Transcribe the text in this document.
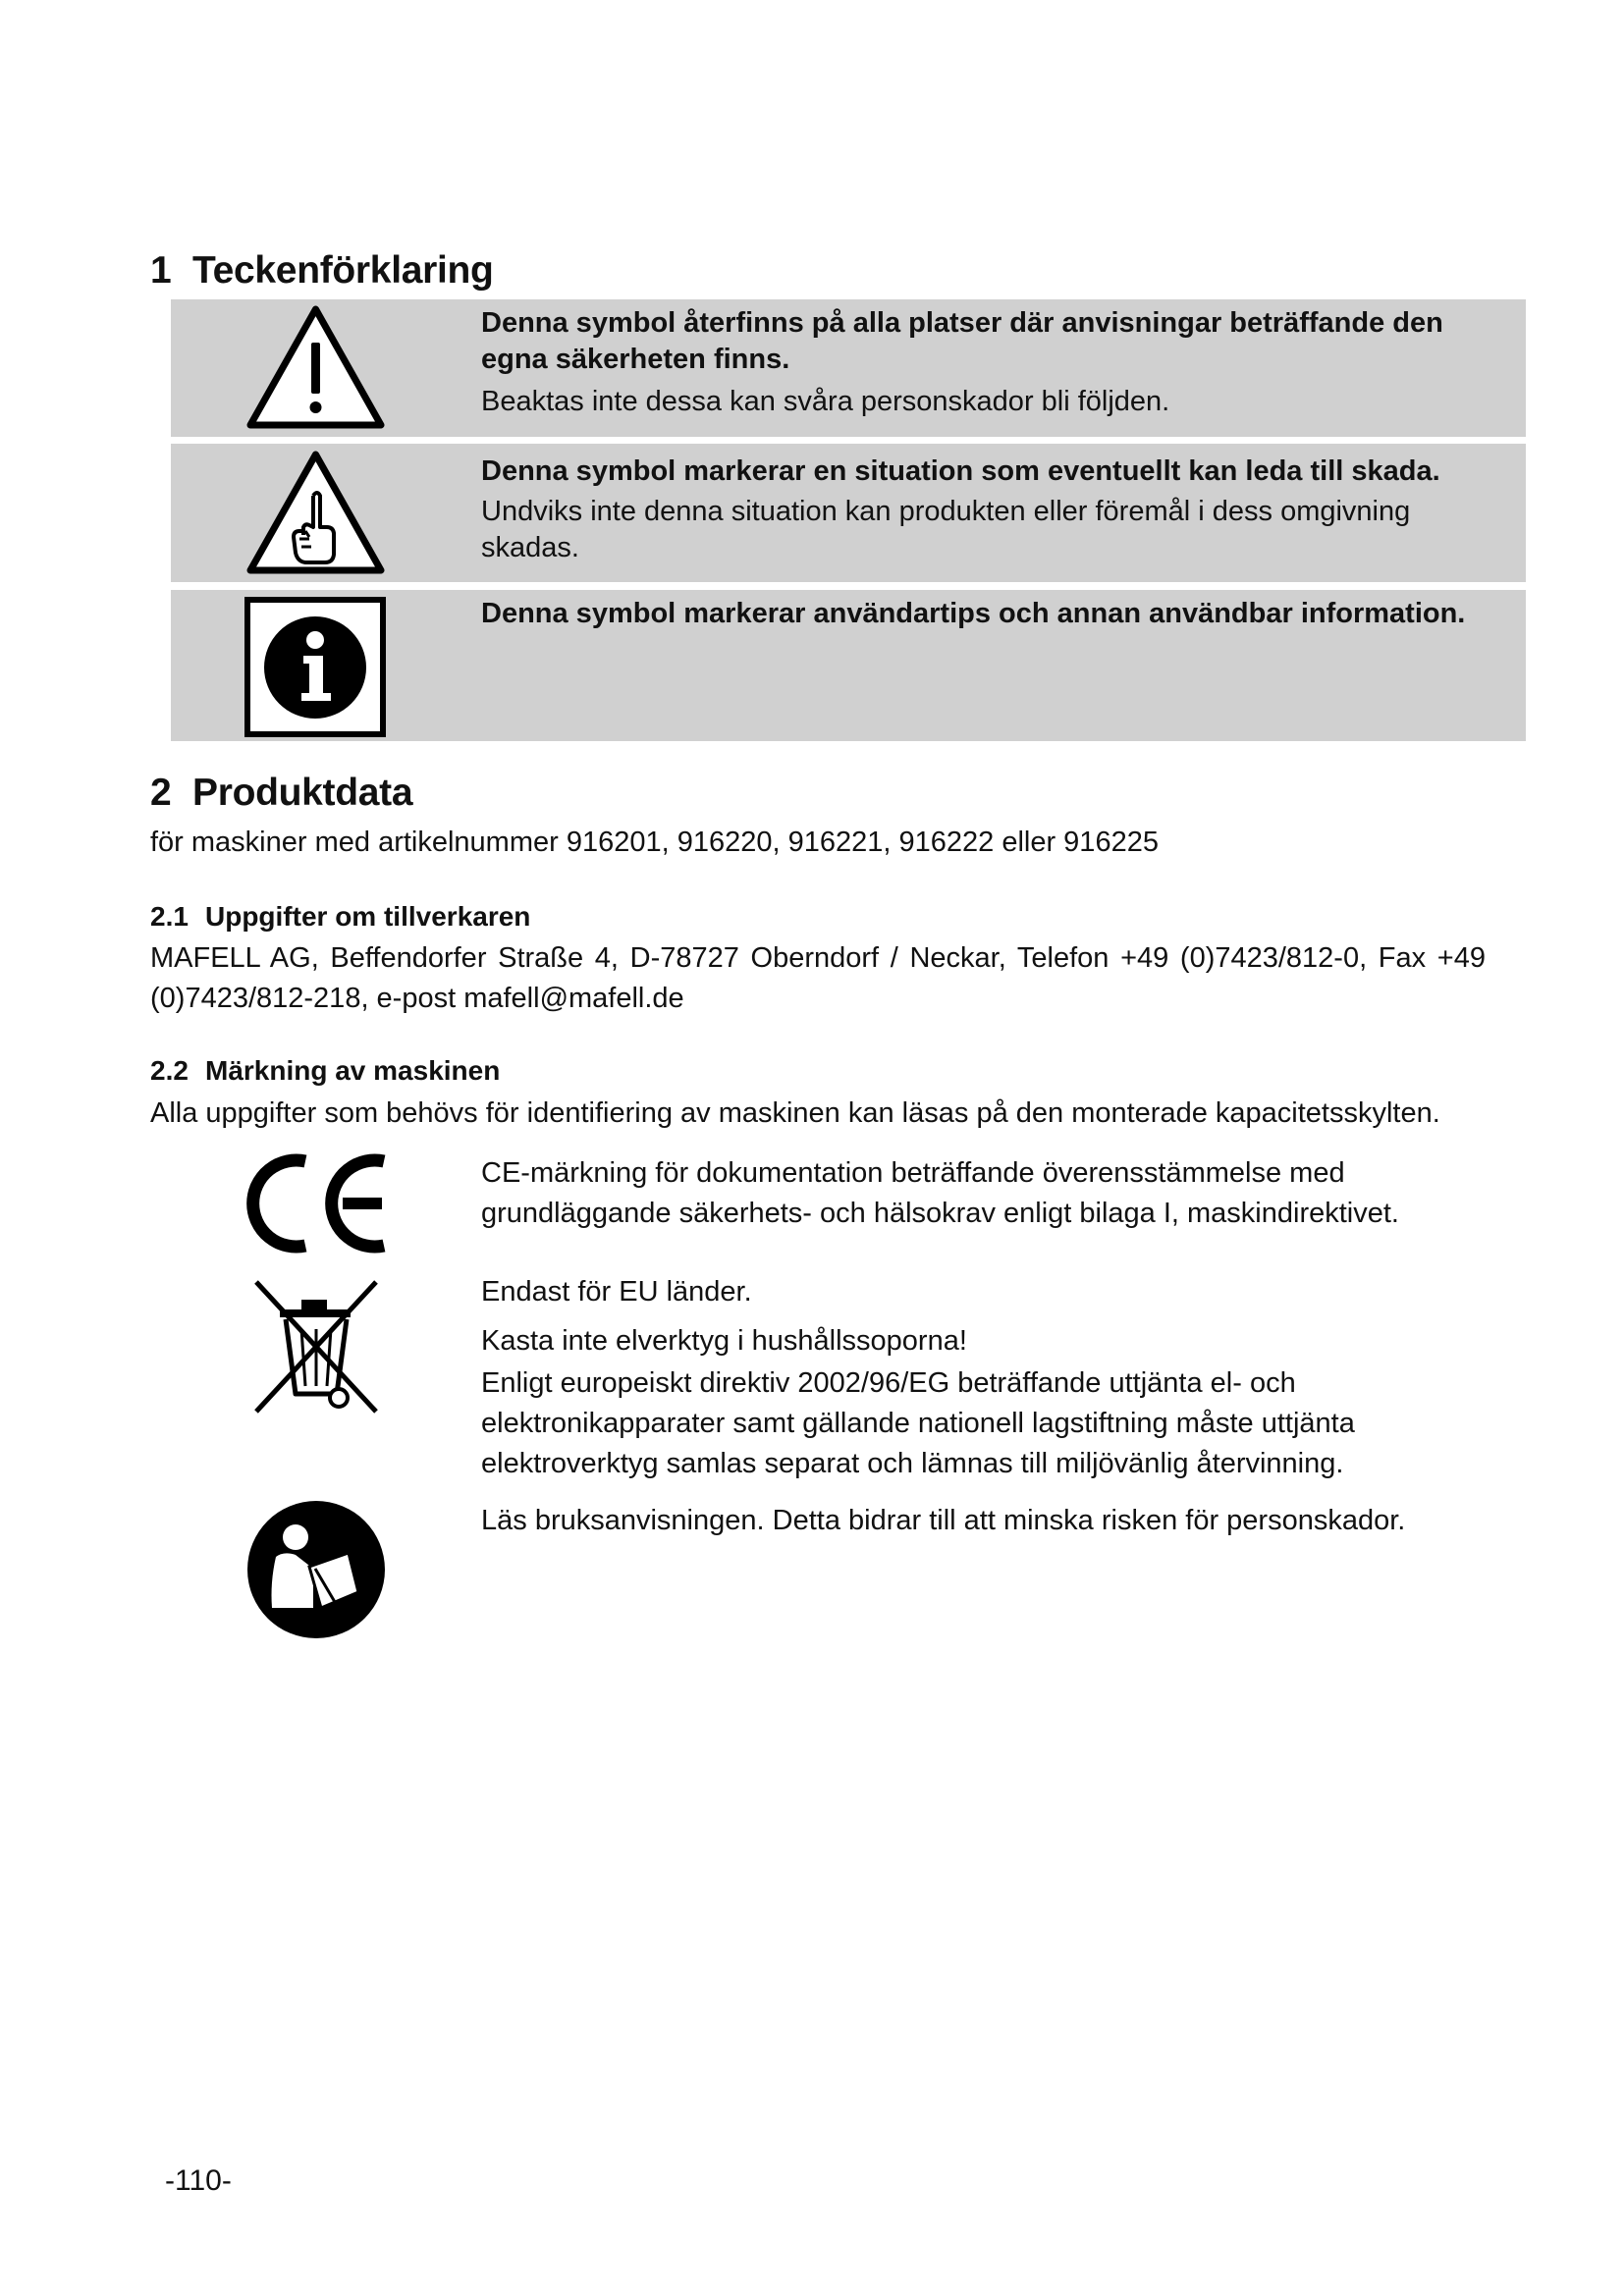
1 Teckenförklaring

Denna symbol återfinns på alla platser där anvisningar beträffande den egna säkerheten finns.

Beaktas inte dessa kan svåra personskador bli följden.

Denna symbol markerar en situation som eventuellt kan leda till skada.

Undviks inte denna situation kan produkten eller föremål i dess omgivning skadas.

Denna symbol markerar användartips och annan användbar information.

2 Produktdata

för maskiner med artikelnummer 916201, 916220, 916221, 916222 eller 916225

2.1 Uppgifter om tillverkaren

MAFELL AG, Beffendorfer Straße 4, D-78727 Oberndorf / Neckar, Telefon +49 (0)7423/812-0, Fax +49 (0)7423/812-218, e-post mafell@mafell.de

2.2 Märkning av maskinen

Alla uppgifter som behövs för identifiering av maskinen kan läsas på den monterade kapacitetsskylten.

CE-märkning för dokumentation beträffande överensstämmelse med grundläggande säkerhets- och hälsokrav enligt bilaga I, maskindirektivet.

Endast för EU länder.

Kasta inte elverktyg i hushållssoporna!

Enligt europeiskt direktiv 2002/96/EG beträffande uttjänta el- och elektronikapparater samt gällande nationell lagstiftning måste uttjänta elektroverktyg samlas separat och lämnas till miljövänlig återvinning.

Läs bruksanvisningen. Detta bidrar till att minska risken för personskador.

-110-
